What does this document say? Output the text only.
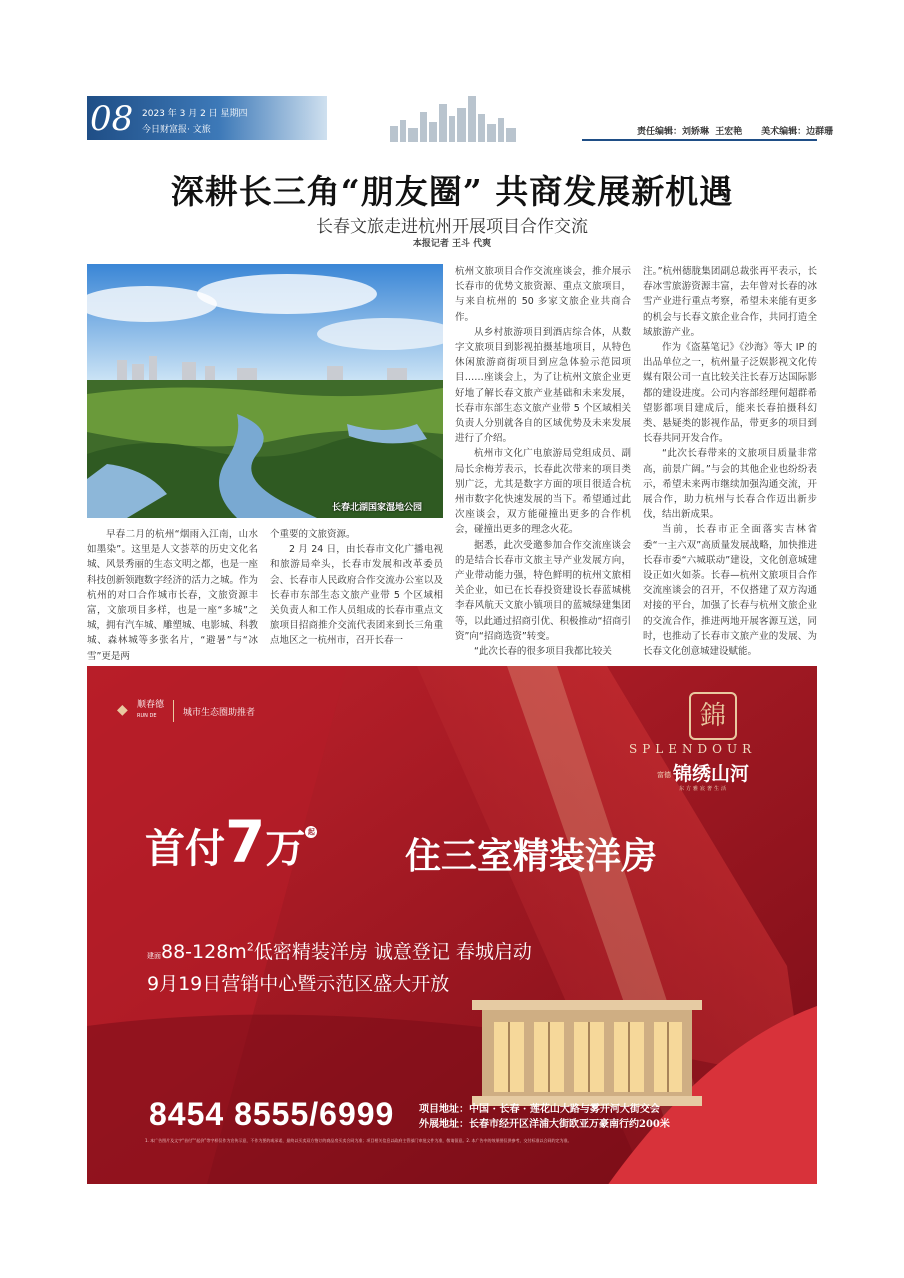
08 2023 年 3 月 2 日 星期四
今日财富报· 文旅	责任编辑：刘娇琳  王宏艳      美术编辑：边群珊
深耕长三角“朋友圈” 共商发展新机遇
长春文旅走进杭州开展项目合作交流
本报记者 王斗 代爽
长春北湖国家湿地公园

早春二月的杭州“烟雨入江南，山水如墨染”。这里是人文荟萃的历史文化名城、风景秀丽的生态文明之都，也是一座科技创新领跑数字经济的活力之城。作为杭州的对口合作城市长春，文旅资源丰富，文旅项目多样，也是一座“多城”之城，拥有汽车城、雕塑城、电影城、科教城、森林城等多张名片，“避暑”与“冰雪”更是两

个重要的文旅资源。

2 月 24 日，由长春市文化广播电视和旅游局牵头，长春市发展和改革委员会、长春市人民政府合作交流办公室以及长春市东部生态文旅产业带 5 个区域相关负责人和工作人员组成的长春市重点文旅项目招商推介交流代表团来到长三角重点地区之一杭州市，召开长春一

杭州文旅项目合作交流座谈会，推介展示长春市的优势文旅资源、重点文旅项目，与来自杭州的 50 多家文旅企业共商合作。

从乡村旅游项目到酒店综合体，从数字文旅项目到影视拍摄基地项目，从特色休闲旅游商街项目到应急体验示范园项目……座谈会上，为了让杭州文旅企业更好地了解长春文旅产业基础和未来发展，长春市东部生态文旅产业带 5 个区域相关负责人分别就各自的区域优势及未来发展进行了介绍。

杭州市文化广电旅游局党组成员、副局长余梅芳表示，长春此次带来的项目类别广泛，尤其是数字方面的项目很适合杭州市数字化快速发展的当下。希望通过此次座谈会，双方能碰撞出更多的合作机会，碰撞出更多的理念火花。

据悉，此次受邀参加合作交流座谈会的是结合长春市文旅主导产业发展方向，产业带动能力强，特色鲜明的杭州文旅相关企业，如已在长春投资建设长春蓝城桃李春风航天文旅小镇项目的蓝城绿建集团等，以此通过招商引优、积极推动“招商引资”向“招商选资”转变。

“此次长春的很多项目我都比较关

注。”杭州德胧集团副总裁张再平表示，长春冰雪旅游资源丰富，去年曾对长春的冰雪产业进行重点考察，希望未来能有更多的机会与长春文旅企业合作，共同打造全域旅游产业。

作为《盗墓笔记》《沙海》等大 IP 的出品单位之一，杭州量子泛娱影视文化传媒有限公司一直比较关注长春万达国际影都的建设进度。公司内容部经理何超群希望影都项目建成后，能来长春拍摄科幻类、悬疑类的影视作品，带更多的项目到长春共同开发合作。

“此次长春带来的文旅项目质量非常高，前景广阔。”与会的其他企业也纷纷表示，希望未来两市继续加强沟通交流，开展合作，助力杭州与长春合作迈出新步伐，结出新成果。

当前，长春市正全面落实吉林省委“一主六双”高质量发展战略，加快推进长春市委“六城联动”建设，文化创意城建设正如火如荼。长春—杭州文旅项目合作交流座谈会的召开，不仅搭建了双方沟通对接的平台，加强了长春与杭州文旅企业的交流合作，推进两地开展客源互送，同时，也推动了长春市文旅产业的发展、为长春文化创意城建设赋能。

◆ 顺春德
RUN DE	城市生态圈助推者	錦
SPLENDOUR
富德 锦绣山河
东方雅宸奢生活
首付7万 起
住三室精装洋房
建面$88-128m^2$低密精装洋房 诚意登记 春城启动
9月19日营销中心暨示范区盛大开放
8454 8555/6999 项目地址：中国 · 长春 · 莲花山大路与雾开河大街交会
外展地址：长春市经开区洋浦大街欧亚万豪南行约200米
1. 本广告图片及文字“首付”“起价”等字样仅作为宣传示意，不作为要约或承诺，最终以买卖双方签订的商品房买卖合同为准；项目相关信息以政府主管部门审批文件为准，敬请留意。2. 本广告中的效果图仅供参考，交付标准以合同约定为准。
